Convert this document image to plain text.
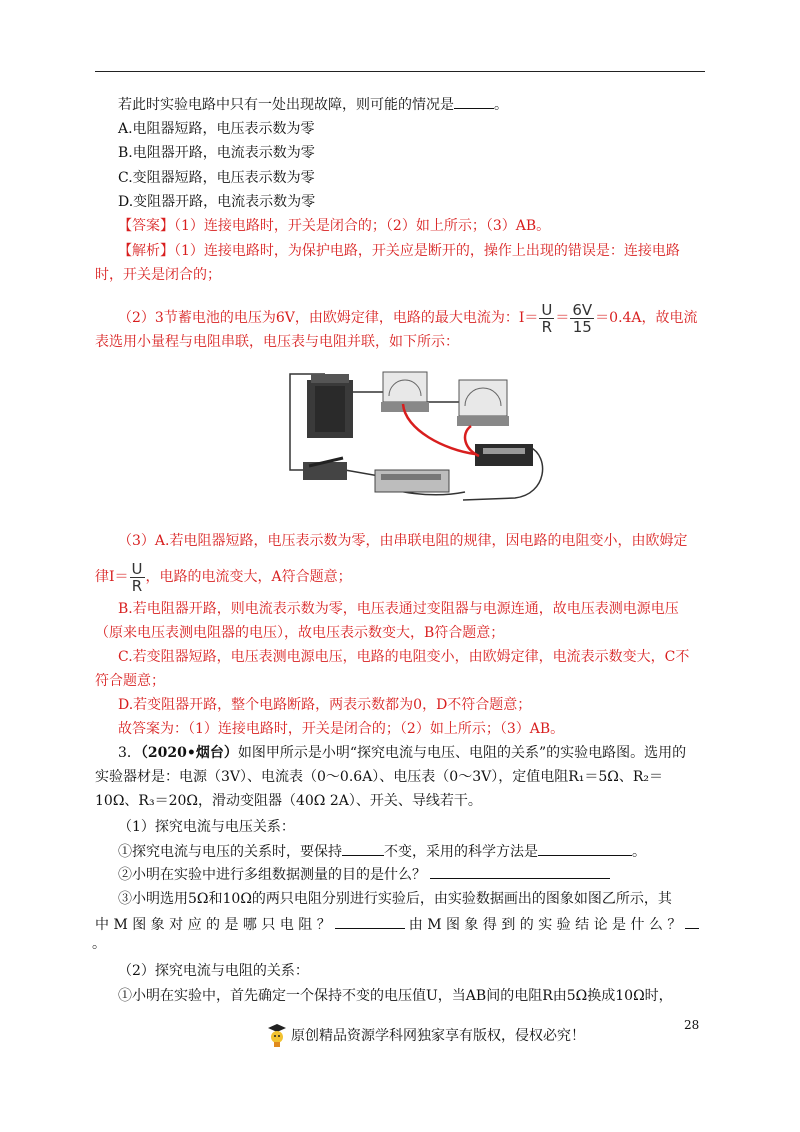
若此时实验电路中只有一处出现故障，则可能的情况是	。
A.电阻器短路，电压表示数为零
B.电阻器开路，电流表示数为零
C.变阻器短路，电压表示数为零
D.变阻器开路，电流表示数为零
【答案】（1）连接电路时，开关是闭合的；（2）如上所示；（3）AB。
【解析】（1）连接电路时，为保护电路，开关应是断开的，操作上出现的错误是：连接电路
时，开关是闭合的；
（2）3节蓄电池的电压为6V，由欧姆定律，电路的最大电流为：$I= \frac{U}{R} = \frac{6V}{15} =0.4A$，故电流
表选用小量程与电阻串联，电压表与电阻并联，如下所示：
（3）A.若电阻器短路，电压表示数为零，由串联电阻的规律，因电路的电阻变小，由欧姆定
律$I= \frac{U}{R}$ ，电路的电流变大，A符合题意；
B.若电阻器开路，则电流表示数为零，电压表通过变阻器与电源连通，故电压表测电源电压
（原来电压表测电阻器的电压），故电压表示数变大，B符合题意；
C.若变阻器短路，电压表测电源电压，电路的电阻变小，由欧姆定律，电流表示数变大，C不
符合题意；
D.若变阻器开路，整个电路断路，两表示数都为0，D不符合题意；
故答案为：（1）连接电路时，开关是闭合的；（2）如上所示；（3）AB。
3．（2020•烟台）如图甲所示是小明“探究电流与电压、电阻的关系”的实验电路图。选用的
实验器材是：电源（3V）、电流表（0～0.6A）、电压表（0～3V），定值电阻R₁＝5Ω、R₂＝
10Ω、R₃＝20Ω，滑动变阻器（40Ω 2A）、开关、导线若干。
（1）探究电流与电压关系：
①探究电流与电压的关系时，要保持	不变，采用的科学方法是	。
②小明在实验中进行多组数据测量的目的是什么？
③小明选用5Ω和10Ω的两只电阻分别进行实验后，由实验数据画出的图象如图乙所示，其
中 M 图 象 对 应 的 是 哪 只 电 阻 ？	由 M 图 象 得 到 的 实 验 结 论 是 什 么 ？
。
（2）探究电流与电阻的关系：
①小明在实验中，首先确定一个保持不变的电压值U，当AB间的电阻R由5Ω换成10Ω时，
28
原创精品资源学科网独家享有版权，侵权必究！
